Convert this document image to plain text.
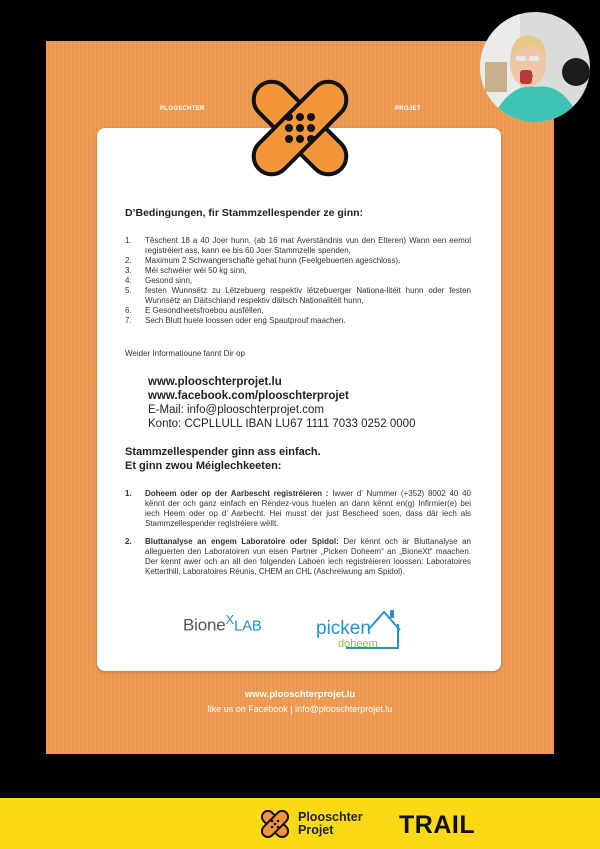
PLOOSCHTER	PROJET
D’Bedingungen, fir Stammzellespender ze ginn:
1.	Têschent 18 a 40 Joer hunn. (ab 16 mat Averständnis vun den Elteren) Wann een eemol registréiert ass, kann ee bis 60 Joer Stammzelle spenden,
2.	Maximum 2 Schwangerschafte gehat hunn (Feelgebuerten ageschloss),
3.	Méi schwéier wéi 50 kg sinn,
4.	Gesond sinn,
5.	festen Wunnsëtz zu Lëtzebuerg respektiv lëtzebuerger Nationa-litéit hunn oder festen Wunnsëtz an Däitschland respektiv däitsch Nationalitéit hunn,
6.	E Gesondheetsfroebou ausfëllen,
7.	Sech Blutt huele loossen oder eng Spautprouf maachen.
Weider Informatioune fannt Dir op
www.plooschterprojet.lu
www.facebook.com/plooschterprojet
E-Mail: info@plooschterprojet.com
Konto: CCPLLULL IBAN LU67 1111 7033 0252 0000
Stammzellespender ginn ass einfach.
Et ginn zwou Méiglechkeeten:
1.	Doheem oder op der Aarbescht registréieren : Iwwer d’ Nummer (+352) 8002 40 40 kënnt der och ganz einfach en Rendez-vous huelen an dann kënnt en(g) Infirmier(e) bei iech Heem oder op d’ Aarbecht. Hei musst der just Bescheed soen, dass där iech als Stammzellespender registréiere wëllt.
2.	Bluttanalyse an engem Laboratoire oder Spidol: Der kënnt och är Bluttanalyse an alleguerten den Laboratoiren vun eisen Partner „Picken Doheem“ an „BioneXt“ maachen. Der kennt awer och an all den folgenden Laboen iech registréieren loossen: Laboratoires Ketterthill, Laboratoires Réunis, CHEM an CHL (Aschreiwung am Spidol).
Bione$^X$LAB	picken
doheem
www.plooschterprojet.lu
like us on Facebook | info@plooschterprojet.lu
Plooschter
Projet	TRAIL
